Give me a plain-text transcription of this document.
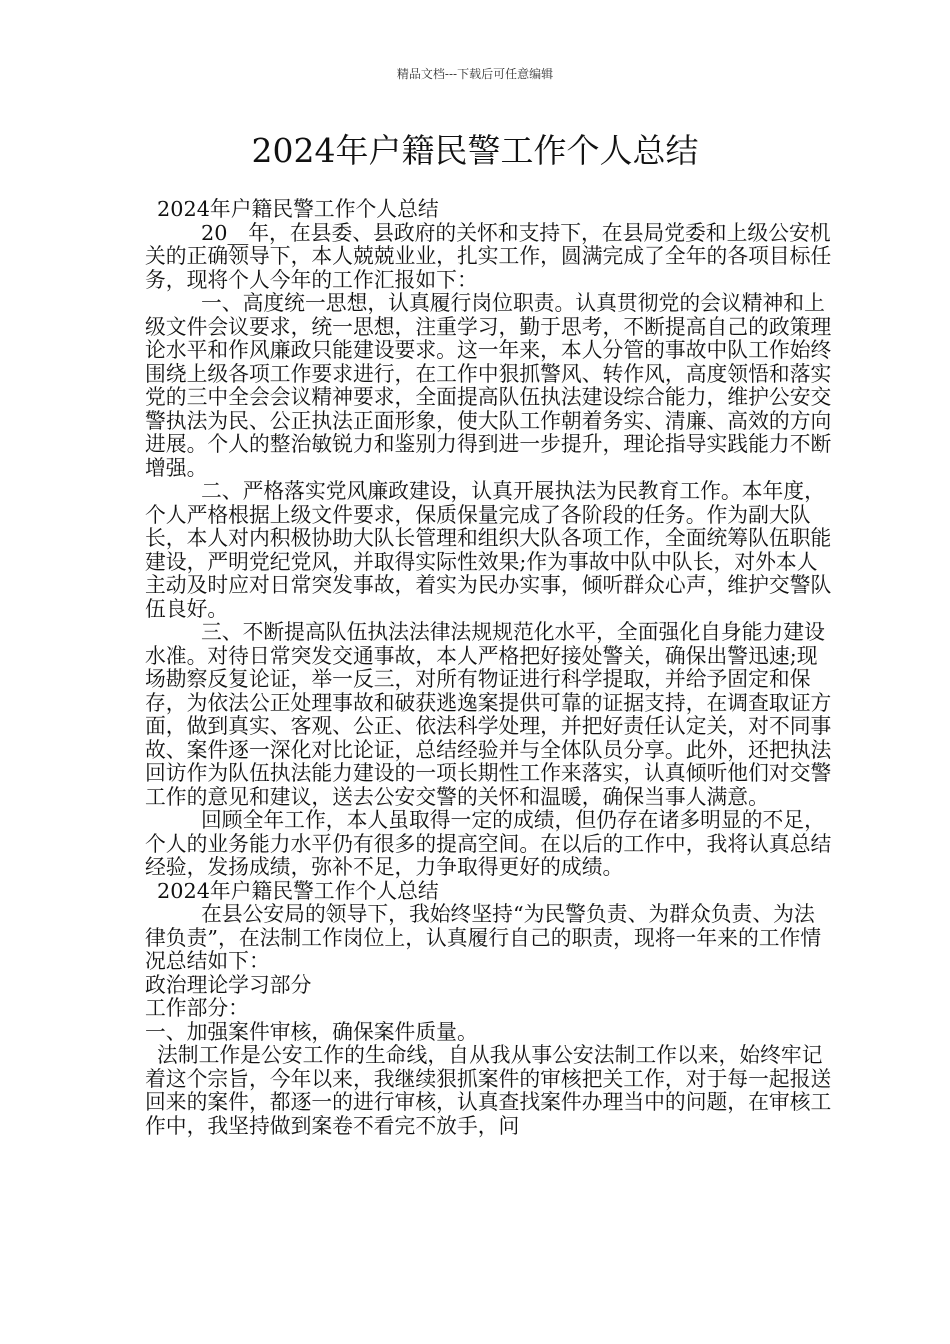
精品文档---下载后可任意编辑
2024年户籍民警工作个人总结

2024年户籍民警工作个人总结

20__年，在县委、县政府的关怀和支持下，在县局党委和上级公安机关的正确领导下，本人兢兢业业，扎实工作，圆满完成了全年的各项目标任务，现将个人今年的工作汇报如下：

一、高度统一思想，认真履行岗位职责。认真贯彻党的会议精神和上级文件会议要求，统一思想，注重学习，勤于思考，不断提高自己的政策理论水平和作风廉政只能建设要求。这一年来，本人分管的事故中队工作始终围绕上级各项工作要求进行，在工作中狠抓警风、转作风，高度领悟和落实党的三中全会会议精神要求，全面提高队伍执法建设综合能力，维护公安交警执法为民、公正执法正面形象，使大队工作朝着务实、清廉、高效的方向进展。个人的整治敏锐力和鉴别力得到进一步提升，理论指导实践能力不断增强。

二、严格落实党风廉政建设，认真开展执法为民教育工作。本年度，个人严格根据上级文件要求，保质保量完成了各阶段的任务。作为副大队长，本人对内积极协助大队长管理和组织大队各项工作，全面统筹队伍职能建设，严明党纪党风，并取得实际性效果;作为事故中队中队长，对外本人主动及时应对日常突发事故，着实为民办实事，倾听群众心声，维护交警队伍良好。

三、不断提高队伍执法法律法规规范化水平，全面强化自身能力建设水准。对待日常突发交通事故，本人严格把好接处警关，确保出警迅速;现场勘察反复论证，举一反三，对所有物证进行科学提取，并给予固定和保存，为依法公正处理事故和破获逃逸案提供可靠的证据支持，在调查取证方面，做到真实、客观、公正、依法科学处理，并把好责任认定关，对不同事故、案件逐一深化对比论证，总结经验并与全体队员分享。此外，还把执法回访作为队伍执法能力建设的一项长期性工作来落实，认真倾听他们对交警工作的意见和建议，送去公安交警的关怀和温暖，确保当事人满意。

回顾全年工作，本人虽取得一定的成绩，但仍存在诸多明显的不足，个人的业务能力水平仍有很多的提高空间。在以后的工作中，我将认真总结经验，发扬成绩，弥补不足，力争取得更好的成绩。

2024年户籍民警工作个人总结

在县公安局的领导下，我始终坚持“为民警负责、为群众负责、为法律负责”，在法制工作岗位上，认真履行自己的职责，现将一年来的工作情况总结如下：

政治理论学习部分

工作部分：

一、加强案件审核，确保案件质量。

法制工作是公安工作的生命线，自从我从事公安法制工作以来，始终牢记着这个宗旨，今年以来，我继续狠抓案件的审核把关工作，对于每一起报送回来的案件，都逐一的进行审核，认真查找案件办理当中的问题，在审核工作中，我坚持做到案卷不看完不放手，问
